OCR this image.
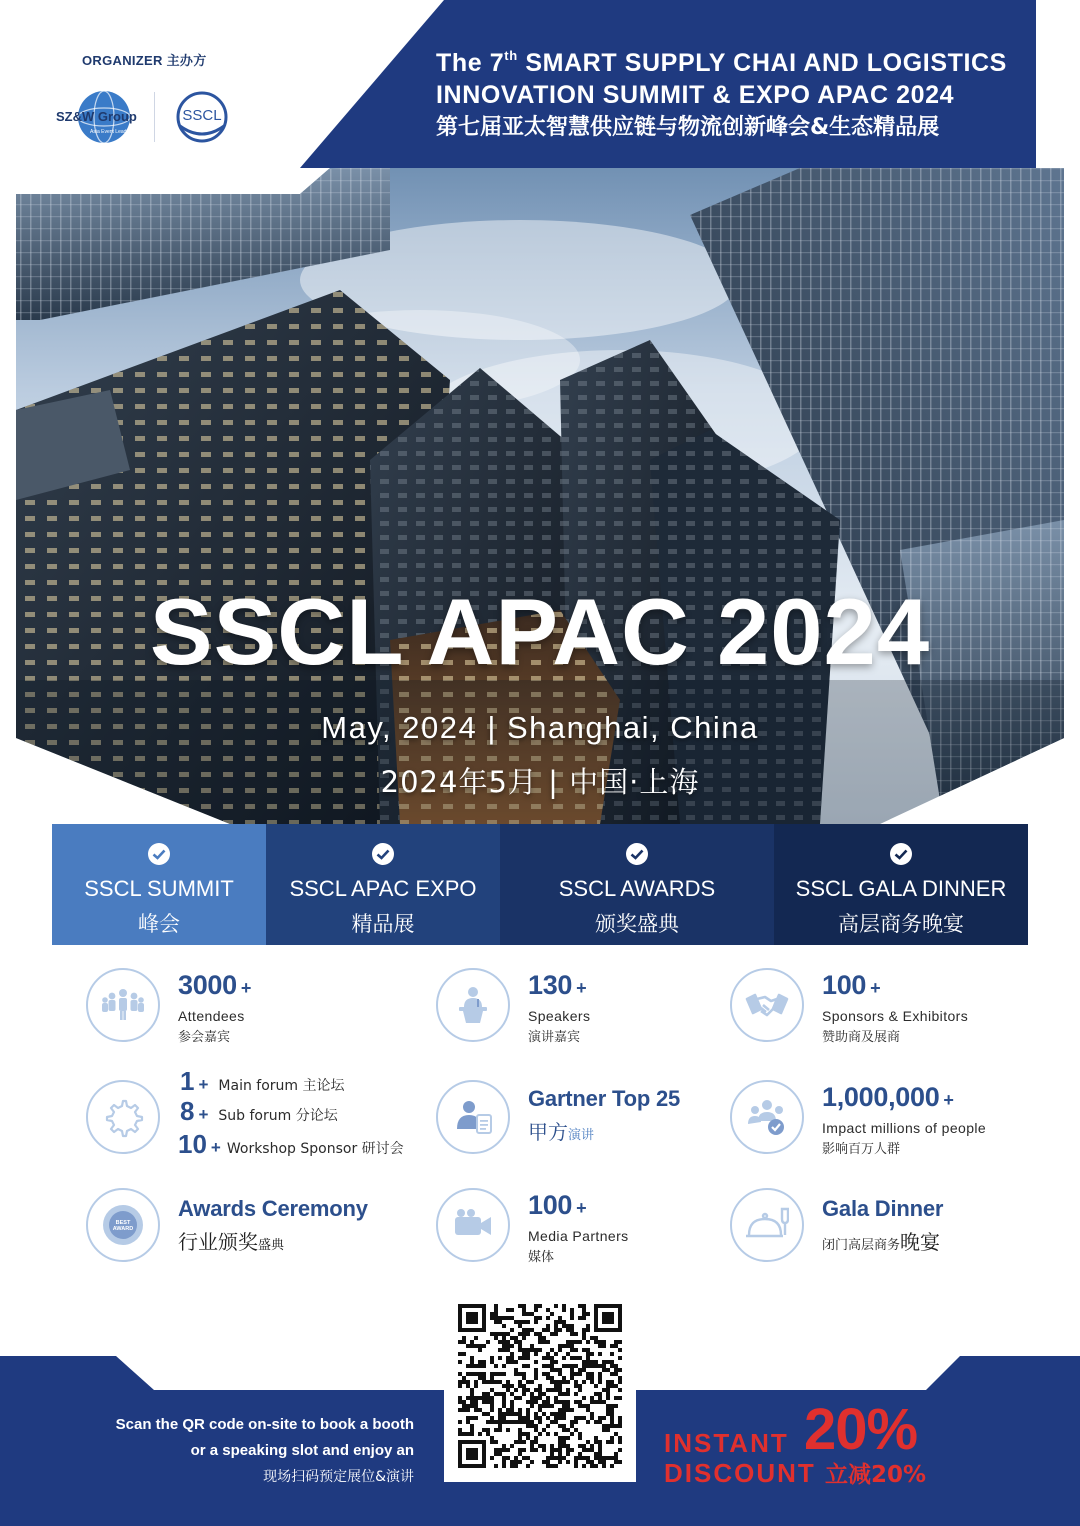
ORGANIZER 主办方
SZ&W Group
Asia Event Leader
SSCL
The 7th SMART SUPPLY CHAI AND LOGISTICS
INNOVATION SUMMIT & EXPO APAC 2024
第七届亚太智慧供应链与物流创新峰会&生态精品展
SSCL APAC 2024
May, 2024 | Shanghai, China
2024年5月 | 中国·上海
SSCL SUMMIT
峰会
SSCL APAC EXPO
精品展
SSCL AWARDS
颁奖盛典
SSCL GALA DINNER
高层商务晚宴
3000 +
Attendees
参会嘉宾
130 +
Speakers
演讲嘉宾
100 +
Sponsors & Exhibitors
赞助商及展商
1 + Main forum 主论坛
8 + Sub forum 分论坛
10 + Workshop Sponsor 研讨会
Gartner Top 25
甲方演讲
1,000,000 +
Impact millions of people
影响百万人群
BEST
AWARD
Awards Ceremony
行业颁奖盛典
100 +
Media Partners
媒体
Gala Dinner
闭门高层商务晚宴
Scan the QR code on-site to book a booth
or a speaking slot and enjoy an
现场扫码预定展位&演讲
INSTANT 20%
DISCOUNT 立减20%
